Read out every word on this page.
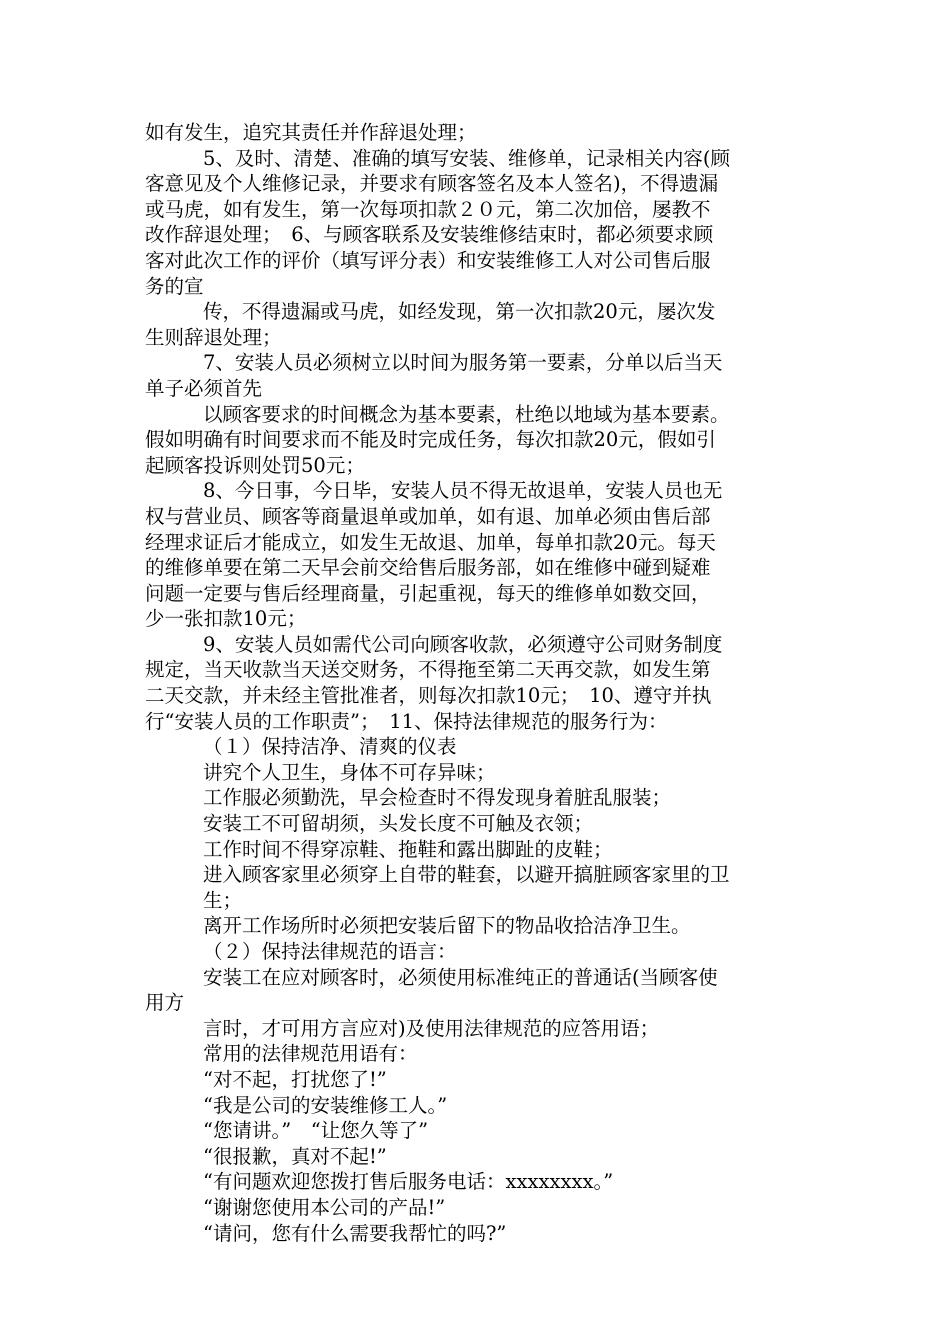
如有发生，追究其责任并作辞退处理；
5、及时、清楚、准确的填写安装、维修单，记录相关内容(顾
客意见及个人维修记录，并要求有顾客签名及本人签名)，不得遗漏
或马虎，如有发生，第一次每项扣款２０元，第二次加倍，屡教不
改作辞退处理；　6、与顾客联系及安装维修结束时，都必须要求顾
客对此次工作的评价（填写评分表）和安装维修工人对公司售后服
务的宣
传，不得遗漏或马虎，如经发现，第一次扣款20元，屡次发
生则辞退处理；
7、安装人员必须树立以时间为服务第一要素，分单以后当天
单子必须首先
以顾客要求的时间概念为基本要素，杜绝以地域为基本要素。
假如明确有时间要求而不能及时完成任务，每次扣款20元，假如引
起顾客投诉则处罚50元；
8、今日事，今日毕，安装人员不得无故退单，安装人员也无
权与营业员、顾客等商量退单或加单，如有退、加单必须由售后部
经理求证后才能成立，如发生无故退、加单，每单扣款20元。每天
的维修单要在第二天早会前交给售后服务部，如在维修中碰到疑难
问题一定要与售后经理商量，引起重视，每天的维修单如数交回，
少一张扣款10元；
9、安装人员如需代公司向顾客收款，必须遵守公司财务制度
规定，当天收款当天送交财务，不得拖至第二天再交款，如发生第
二天交款，并未经主管批准者，则每次扣款10元；　10、遵守并执
行“安装人员的工作职责”；　11、保持法律规范的服务行为：
（１）保持洁净、清爽的仪表
讲究个人卫生，身体不可存异味；
工作服必须勤洗，早会检查时不得发现身着脏乱服装；
安装工不可留胡须，头发长度不可触及衣领；
工作时间不得穿凉鞋、拖鞋和露出脚趾的皮鞋；
进入顾客家里必须穿上自带的鞋套，以避开搞脏顾客家里的卫
生；
离开工作场所时必须把安装后留下的物品收拾洁净卫生。
（２）保持法律规范的语言：
安装工在应对顾客时，必须使用标准纯正的普通话(当顾客使
用方
言时，才可用方言应对)及使用法律规范的应答用语；
常用的法律规范用语有：
“对不起，打扰您了!”
“我是公司的安装维修工人。”
“您请讲。”　“让您久等了”
“很报歉，真对不起!”
“有问题欢迎您拨打售后服务电话：xxxxxxxx。”
“谢谢您使用本公司的产品!”
“请问，您有什么需要我帮忙的吗?”
